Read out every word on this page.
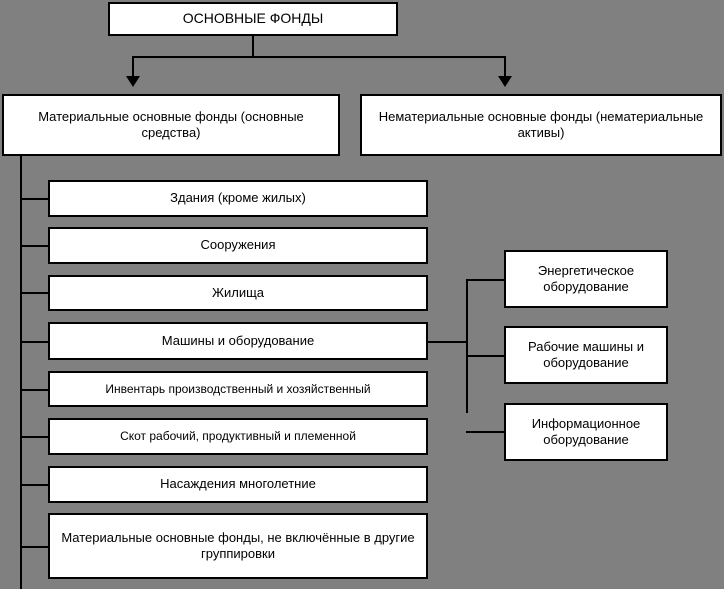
ОСНОВНЫЕ ФОНДЫ
Материальные основные фонды (основные средства)
Нематериальные основные фонды (нематериальные активы)
Здания (кроме жилых)
Сооружения
Жилища
Машины и оборудование
Инвентарь производственный и хозяйственный
Скот рабочий, продуктивный и племенной
Насаждения многолетние
Материальные основные фонды, не включённые в другие группировки
Энергетическое оборудование
Рабочие машины и оборудование
Информационное оборудование
